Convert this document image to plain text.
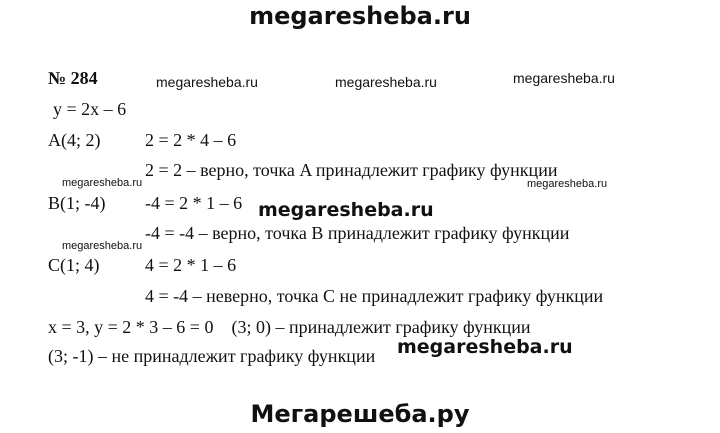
megaresheba.ru
№ 284	megaresheba.ru	megaresheba.ru	megaresheba.ru
y = 2x – 6
A(4; 2) 2 = 2 * 4 – 6
2 = 2 – верно, точка A принадлежит графику функции
megaresheba.ru	megaresheba.ru
B(1; -4) -4 = 2 * 1 – 6 megaresheba.ru
-4 = -4 – верно, точка B принадлежит графику функции
megaresheba.ru
C(1; 4)	4 = 2 * 1 – 6
4 = -4 – неверно, точка C не принадлежит графику функции
x = 3, y = 2 * 3 – 6 = 0    (3; 0) – принадлежит графику функции
(3; -1) – не принадлежит графику функции megaresheba.ru
Мегарешеба.ру
